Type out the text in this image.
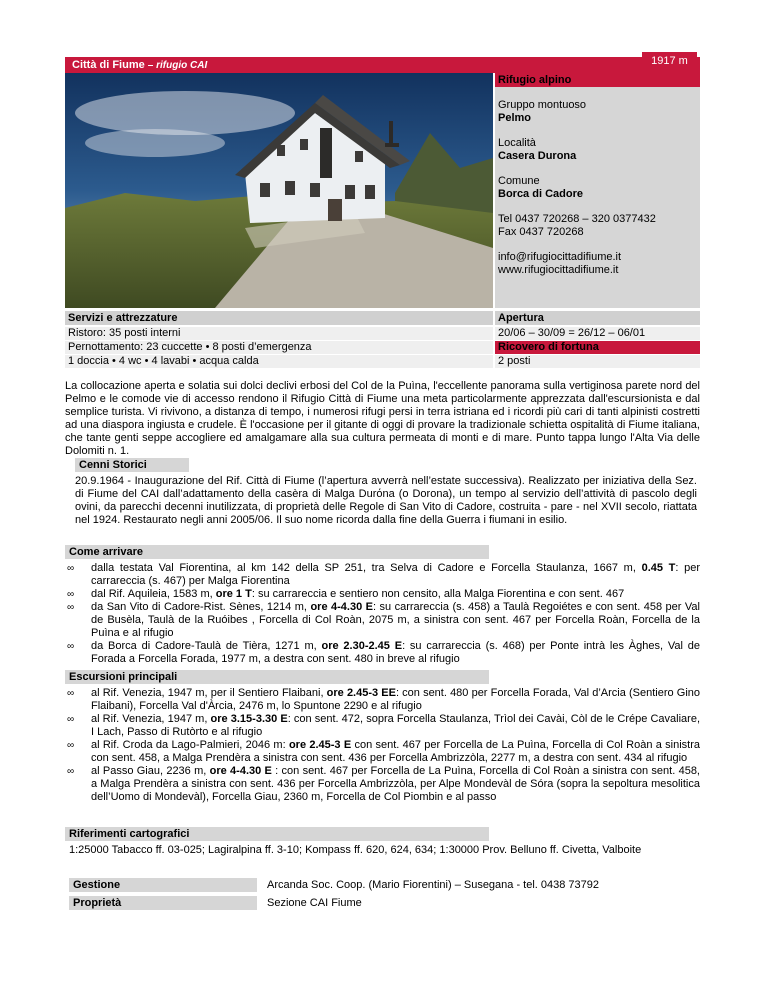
Città di Fiume – rifugio CAI	1917 m
Rifugio alpino
Gruppo montuoso
Pelmo
Località
Casera Durona
Comune
Borca di Cadore
Tel 0437 720268 – 320 0377432
Fax 0437 720268
info@rifugiocittadifiume.it
www.rifugiocittadifiume.it
Servizi e attrezzature
Ristoro: 35 posti interni
Pernottamento: 23 cuccette • 8 posti d’emergenza
1 doccia • 4 wc • 4 lavabi • acqua calda
Apertura
20/06 – 30/09 = 26/12 – 06/01
Ricovero di fortuna
2 posti
La collocazione aperta e solatia sui dolci declivi erbosi del Col de la Puìna, l'eccellente panorama sulla vertiginosa parete nord del Pelmo e le comode vie di accesso rendono il Rifugio Città di Fiume una meta particolarmente apprezzata dall'escursionista e dal semplice turista. Vi rivivono, a distanza di tempo, i numerosi rifugi persi in terra istriana ed i ricordi più cari di tanti alpinisti costretti ad una diaspora ingiusta e crudele. È l'occasione per il gitante di oggi di provare la tradizionale schietta ospitalità di Fiume italiana, che tante genti seppe accogliere ed amalgamare alla sua cultura permeata di monti e di mare. Punto tappa lungo l'Alta Via delle Dolomiti n. 1.
Cenni Storici

20.9.1964 - Inaugurazione del Rif. Città di Fiume (l’apertura avverrà nell’estate successiva). Realizzato per iniziativa della Sez. di Fiume del CAI dall’adattamento della casèra di Malga Durόna (o Dorona), un tempo al servizio dell’attività di pascolo degli ovini, da parecchi decenni inutilizzata, di proprietà delle Regole di San Vito di Cadore, costruita - pare - nel XVII secolo, riattata nel 1924. Restaurato negli anni 2005/06. Il suo nome ricorda dalla fine della Guerra i fiumani in esilio.

Come arrivare
∞ dalla testata Val Fiorentina, al km 142 della SP 251, tra Selva di Cadore e Forcella Staulanza, 1667 m, 0.45 T: per carrareccia (s. 467) per Malga Fiorentina
∞ dal Rif. Aquileia, 1583 m, ore 1 T: su carrareccia e sentiero non censito, alla Malga Fiorentina e con sent. 467
∞ da San Vito di Cadore-Rist. Sènes, 1214 m, ore 4-4.30 E: su carrareccia (s. 458) a Taulà Regoiétes e con sent. 458 per Val de Busèla, Taulà de la Ruóibes , Forcella di Col Roàn, 2075 m, a sinistra con sent. 467 per Forcella Roàn, Forcella de la Puìna e al rifugio
∞ da Borca di Cadore-Taulà de Tièra, 1271 m, ore 2.30-2.45 E: su carrareccia (s. 468) per Ponte intrà les Àghes, Val de Forada a Forcella Forada, 1977 m, a destra con sent. 480 in breve al rifugio
Escursioni principali
∞ al Rif. Venezia, 1947 m, per il Sentiero Flaibani, ore 2.45-3 EE: con sent. 480 per Forcella Forada, Val d’Arcia (Sentiero Gino Flaibani), Forcella Val d'Àrcia, 2476 m, lo Spuntone 2290 e al rifugio
∞ al Rif. Venezia, 1947 m, ore 3.15-3.30 E: con sent. 472, sopra Forcella Staulanza, Trìol dei Cavài, Còl de le Crépe Cavaliare, I Lach, Passo di Rutòrto e al rifugio
∞ al Rif. Croda da Lago-Palmieri, 2046 m: ore 2.45-3 E con sent. 467 per Forcella de La Puìna, Forcella di Col Roàn a sinistra con sent. 458, a Malga Prendèra a sinistra con sent. 436 per Forcella Ambrizzòla, 2277 m, a destra con sent. 434 al rifugio
∞ al Passo Giau, 2236 m, ore 4-4.30 E : con sent. 467 per Forcella de La Puìna, Forcella di Col Roàn a sinistra con sent. 458, a Malga Prendèra a sinistra con sent. 436 per Forcella Ambrizzòla, per Alpe Mondevàl de Sóra (sopra la sepoltura mesolitica dell’Uomo di Mondevàl), Forcella Giau, 2360 m, Forcella de Col Piombin e al passo
Riferimenti cartografici

1:25000 Tabacco ff. 03-025; Lagiralpina ff. 3-10; Kompass ff. 620, 624, 634; 1:30000 Prov. Belluno ff. Civetta, Valboite

Gestione	Arcanda Soc. Coop. (Mario Fiorentini) – Susegana - tel. 0438 73792
Proprietà	Sezione CAI Fiume
